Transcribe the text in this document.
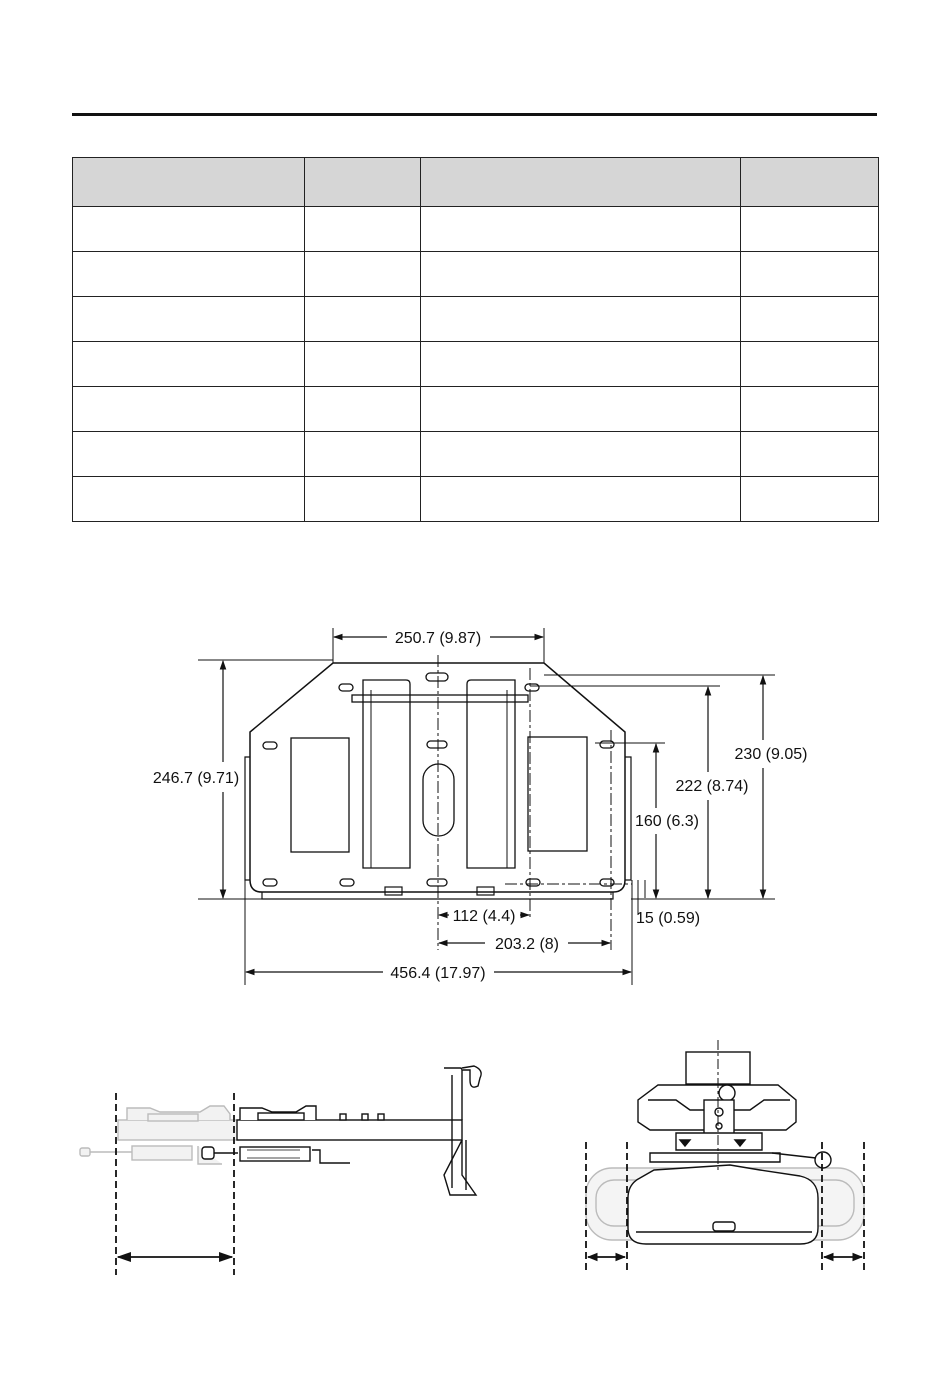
250.7 (9.87)
246.7 (9.71)
230 (9.05)
222 (8.74)
160 (6.3)
15 (0.59)
112 (4.4)
203.2 (8)
456.4 (17.97)
